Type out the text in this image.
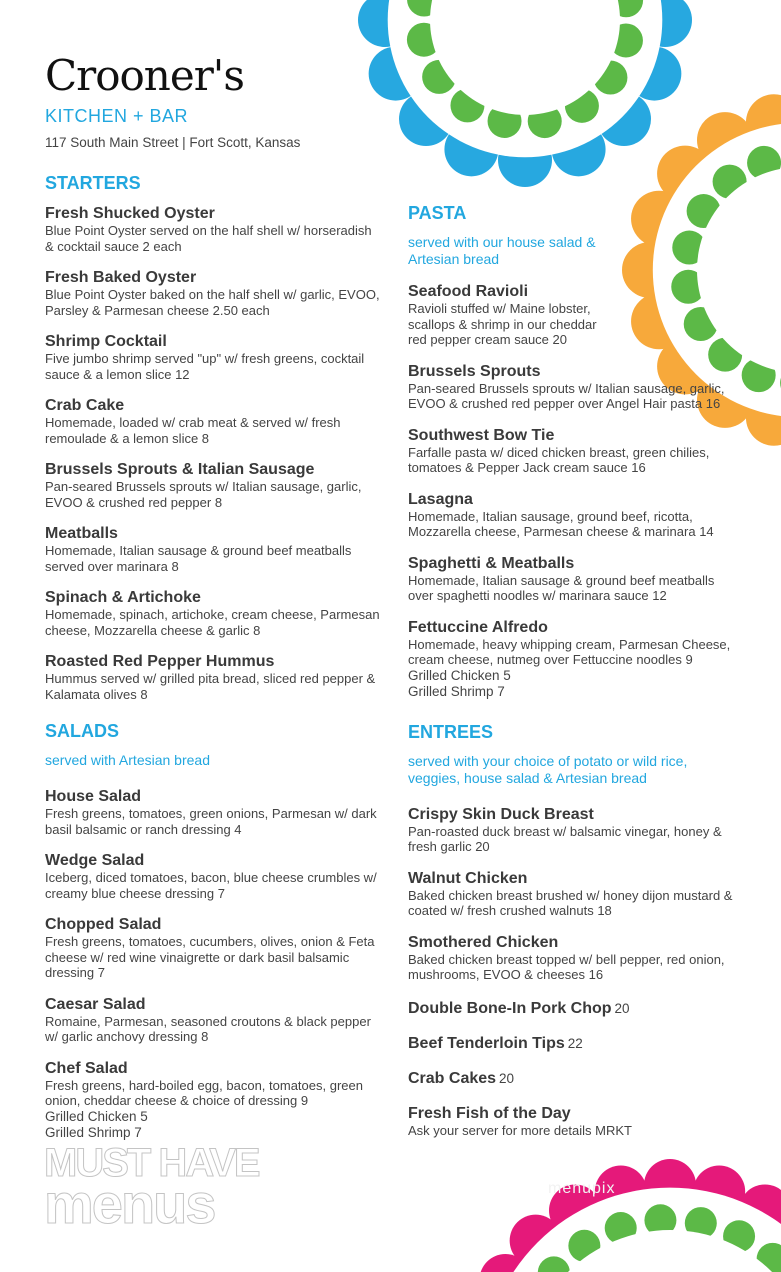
Crooner's
KITCHEN + BAR
117 South Main Street | Fort Scott, Kansas
STARTERS
Fresh Shucked Oyster
Blue Point Oyster served on the half shell w/ horseradish & cocktail sauce 2 each
Fresh Baked Oyster
Blue Point Oyster baked on the half shell w/ garlic, EVOO, Parsley & Parmesan cheese 2.50 each
Shrimp Cocktail
Five jumbo shrimp served "up" w/ fresh greens, cocktail sauce & a lemon slice 12
Crab Cake
Homemade, loaded w/ crab meat & served w/ fresh remoulade & a lemon slice 8
Brussels Sprouts & Italian Sausage
Pan-seared Brussels sprouts w/ Italian sausage, garlic, EVOO & crushed red pepper 8
Meatballs
Homemade, Italian sausage & ground beef meatballs served over marinara 8
Spinach & Artichoke
Homemade, spinach, artichoke, cream cheese, Parmesan cheese, Mozzarella cheese & garlic 8
Roasted Red Pepper Hummus
Hummus served w/ grilled pita bread, sliced red pepper & Kalamata olives 8
SALADS
served with Artesian bread
House Salad
Fresh greens, tomatoes, green onions, Parmesan w/ dark basil balsamic or ranch dressing 4
Wedge Salad
Iceberg, diced tomatoes, bacon, blue cheese crumbles w/ creamy blue cheese dressing 7
Chopped Salad
Fresh greens, tomatoes, cucumbers, olives, onion & Feta cheese w/ red wine vinaigrette or dark basil balsamic dressing 7
Caesar Salad
Romaine, Parmesan, seasoned croutons & black pepper w/ garlic anchovy dressing 8
Chef Salad
Fresh greens, hard-boiled egg, bacon, tomatoes, green onion, cheddar cheese & choice of dressing 9
Grilled Chicken 5
Grilled Shrimp 7
PASTA
served with our house salad & Artesian bread
Seafood Ravioli
Ravioli stuffed w/ Maine lobster, scallops & shrimp in our cheddar red pepper cream sauce 20
Brussels Sprouts
Pan-seared Brussels sprouts w/ Italian sausage, garlic, EVOO & crushed red pepper over Angel Hair pasta 16
Southwest Bow Tie
Farfalle pasta w/ diced chicken breast, green chilies, tomatoes & Pepper Jack cream sauce 16
Lasagna
Homemade, Italian sausage, ground beef, ricotta, Mozzarella cheese, Parmesan cheese & marinara 14
Spaghetti & Meatballs
Homemade, Italian sausage & ground beef meatballs over spaghetti noodles w/ marinara sauce 12
Fettuccine Alfredo
Homemade, heavy whipping cream, Parmesan Cheese, cream cheese, nutmeg over Fettuccine noodles 9
Grilled Chicken 5
Grilled Shrimp 7
ENTREES
served with your choice of potato or wild rice, veggies, house salad & Artesian bread
Crispy Skin Duck Breast
Pan-roasted duck breast w/ balsamic vinegar, honey & fresh garlic 20
Walnut Chicken
Baked chicken breast brushed w/ honey dijon mustard & coated w/ fresh crushed walnuts 18
Smothered Chicken
Baked chicken breast topped w/ bell pepper, red onion, mushrooms, EVOO & cheeses 16
Double Bone-In Pork Chop 20
Beef Tenderloin Tips 22
Crab Cakes 20
Fresh Fish of the Day
Ask your server for more details MRKT
MUST HAVE
menus	menupix
